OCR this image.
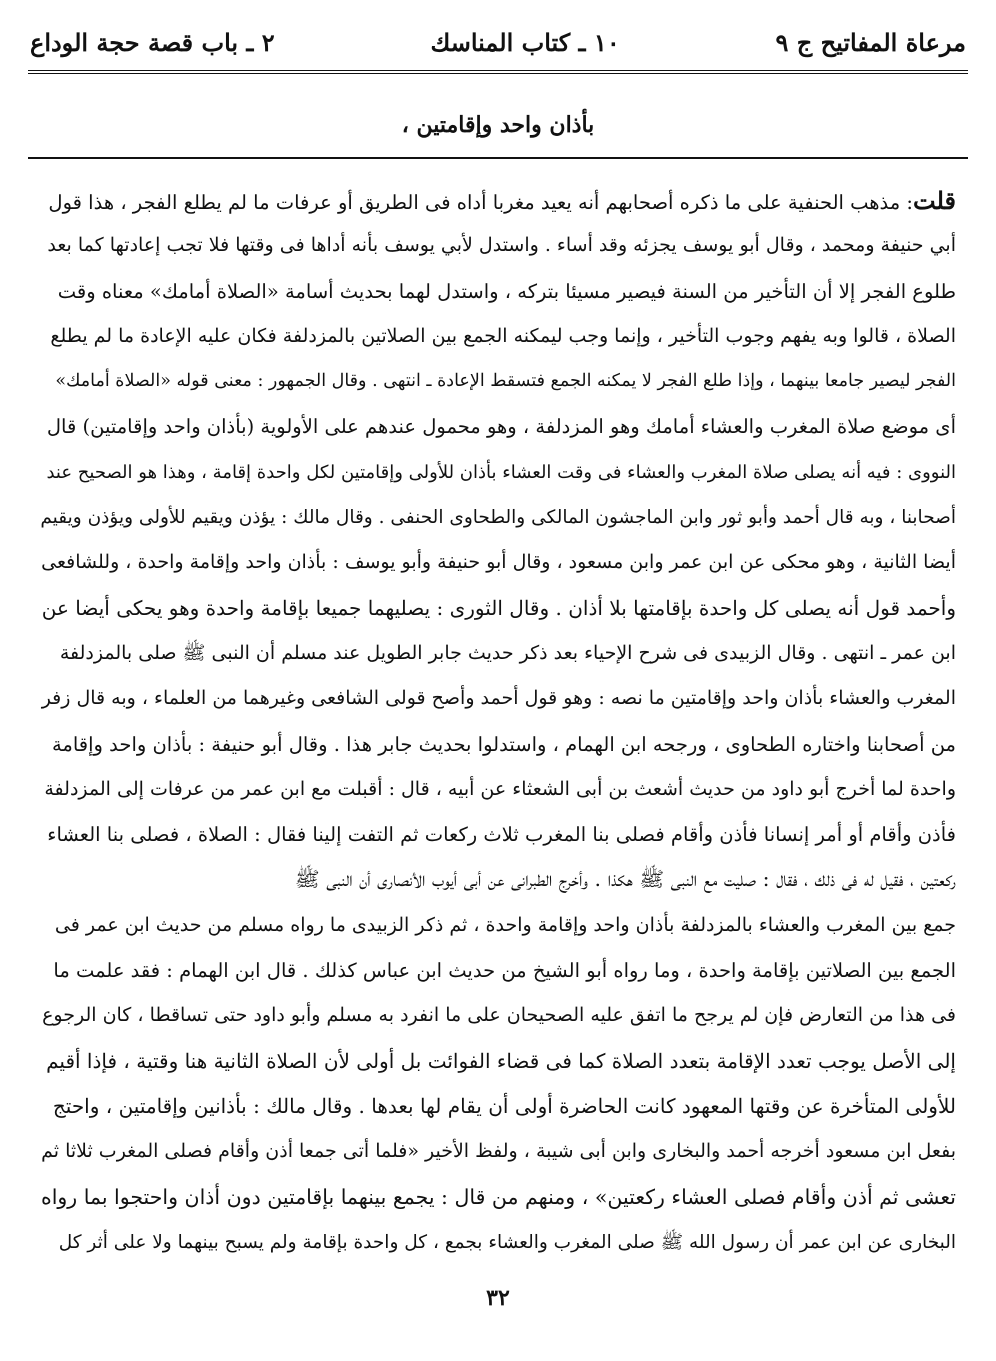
مرعاة المفاتيح ج ٩
١٠ ـ كتاب المناسك
٢ ـ باب قصة حجة الوداع
بأذان واحد وإقامتين ،
قلت: مذهب الحنفية على ما ذكره أصحابهم أنه يعيد مغربا أداه فى الطريق أو عرفات ما لم يطلع الفجر ، هذا قول
أبي حنيفة ومحمد ، وقال أبو يوسف يجزئه وقد أساء . واستدل لأبي يوسف بأنه أداها فى وقتها فلا تجب إعادتها كما بعد
طلوع الفجر إلا أن التأخير من السنة فيصير مسيئا بتركه ، واستدل لهما بحديث أسامة «الصلاة أمامك» معناه وقت
الصلاة ، قالوا وبه يفهم وجوب التأخير ، وإنما وجب ليمكنه الجمع بين الصلاتين بالمزدلفة فكان عليه الإعادة ما لم يطلع
الفجر ليصير جامعا بينهما ، وإذا طلع الفجر لا يمكنه الجمع فتسقط الإعادة ـ انتهى . وقال الجمهور : معنى قوله «الصلاة أمامك»
أى موضع صلاة المغرب والعشاء أمامك وهو المزدلفة ، وهو محمول عندهم على الأولوية (بأذان واحد وإقامتين) قال
النووى : فيه أنه يصلى صلاة المغرب والعشاء فى وقت العشاء بأذان للأولى وإقامتين لكل واحدة إقامة ، وهذا هو الصحيح عند
أصحابنا ، وبه قال أحمد وأبو ثور وابن الماجشون المالكى والطحاوى الحنفى . وقال مالك : يؤذن ويقيم للأولى ويؤذن ويقيم
أيضا الثانية ، وهو محكى عن ابن عمر وابن مسعود ، وقال أبو حنيفة وأبو يوسف : بأذان واحد وإقامة واحدة ، وللشافعى
وأحمد قول أنه يصلى كل واحدة بإقامتها بلا أذان . وقال الثورى : يصليهما جميعا بإقامة واحدة وهو يحكى أيضا عن
ابن عمر ـ انتهى . وقال الزبيدى فى شرح الإحياء بعد ذكر حديث جابر الطويل عند مسلم أن النبى ﷺ صلى بالمزدلفة
المغرب والعشاء بأذان واحد وإقامتين ما نصه : وهو قول أحمد وأصح قولى الشافعى وغيرهما من العلماء ، وبه قال زفر
من أصحابنا واختاره الطحاوى ، ورجحه ابن الهمام ، واستدلوا بحديث جابر هذا . وقال أبو حنيفة : بأذان واحد وإقامة
واحدة لما أخرج أبو داود من حديث أشعث بن أبى الشعثاء عن أبيه ، قال : أقبلت مع ابن عمر من عرفات إلى المزدلفة
فأذن وأقام أو أمر إنسانا فأذن وأقام فصلى بنا المغرب ثلاث ركعات ثم التفت إلينا فقال : الصلاة ، فصلى بنا العشاء
ركعتين ، فقيل له فى ذلك ، فقال : صليت مع النبى ﷺ هكذا . وأخرج الطبرانى عن أبى أيوب الأنصارى أن النبى ﷺ
جمع بين المغرب والعشاء بالمزدلفة بأذان واحد وإقامة واحدة ، ثم ذكر الزبيدى ما رواه مسلم من حديث ابن عمر فى
الجمع بين الصلاتين بإقامة واحدة ، وما رواه أبو الشيخ من حديث ابن عباس كذلك . قال ابن الهمام : فقد علمت ما
فى هذا من التعارض فإن لم يرجح ما اتفق عليه الصحيحان على ما انفرد به مسلم وأبو داود حتى تساقطا ، كان الرجوع
إلى الأصل يوجب تعدد الإقامة بتعدد الصلاة كما فى قضاء الفوائت بل أولى لأن الصلاة الثانية هنا وقتية ، فإذا أقيم
للأولى المتأخرة عن وقتها المعهود كانت الحاضرة أولى أن يقام لها بعدها . وقال مالك : بأذانين وإقامتين ، واحتج
بفعل ابن مسعود أخرجه أحمد والبخارى وابن أبى شيبة ، ولفظ الأخير «فلما أتى جمعا أذن وأقام فصلى المغرب ثلاثا ثم
تعشى ثم أذن وأقام فصلى العشاء ركعتين» ، ومنهم من قال : يجمع بينهما بإقامتين دون أذان واحتجوا بما رواه
البخارى عن ابن عمر أن رسول الله ﷺ صلى المغرب والعشاء بجمع ، كل واحدة بإقامة ولم يسبح بينهما ولا على أثر كل
٣٢
